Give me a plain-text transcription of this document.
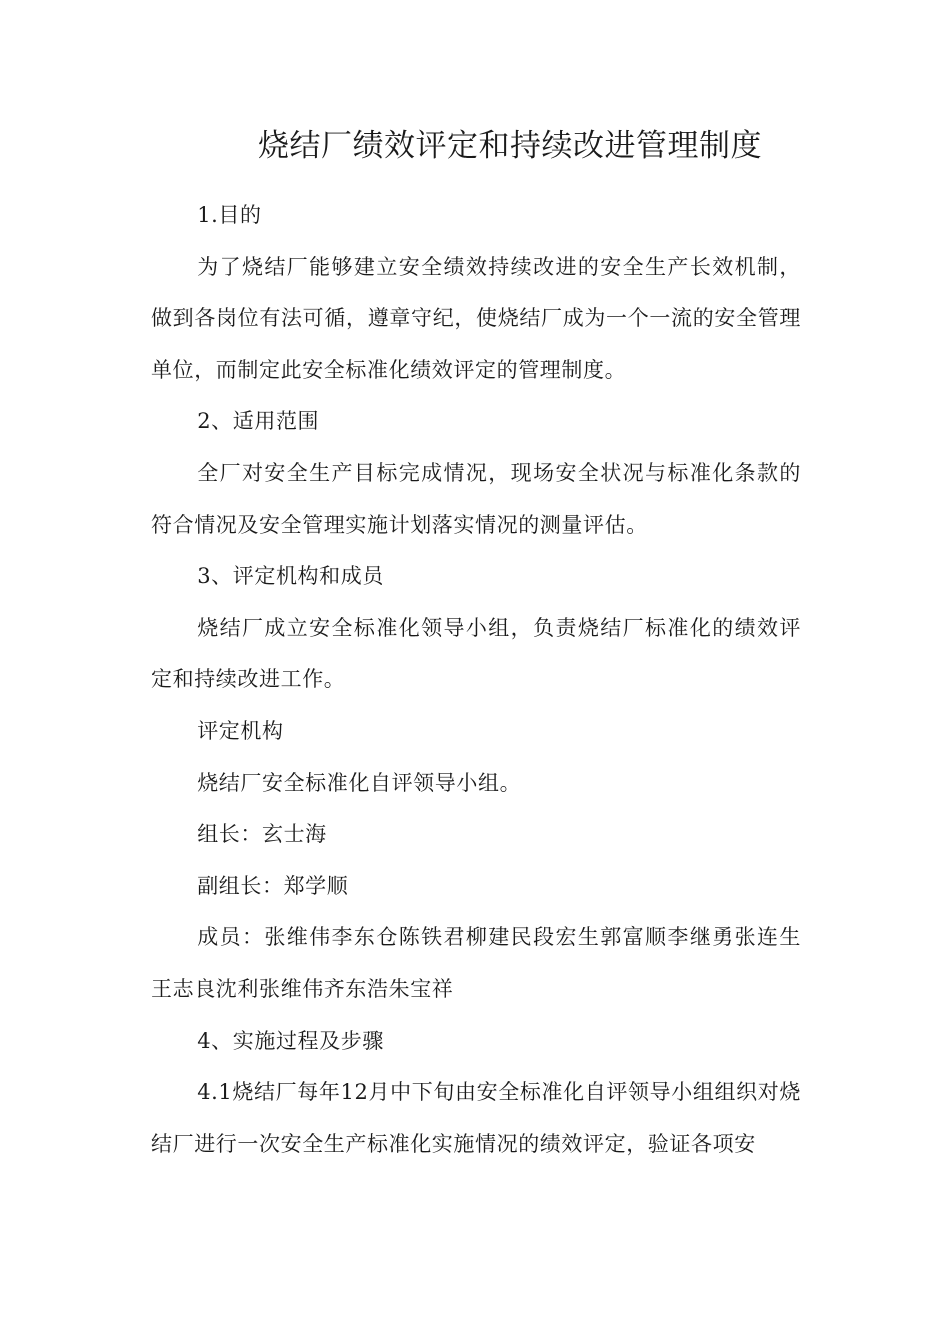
烧结厂绩效评定和持续改进管理制度

1.目的

为了烧结厂能够建立安全绩效持续改进的安全生产长效机制，做到各岗位有法可循，遵章守纪，使烧结厂成为一个一流的安全管理单位，而制定此安全标准化绩效评定的管理制度。

2、适用范围

全厂对安全生产目标完成情况，现场安全状况与标准化条款的符合情况及安全管理实施计划落实情况的测量评估。

3、评定机构和成员

烧结厂成立安全标准化领导小组，负责烧结厂标准化的绩效评定和持续改进工作。

评定机构

烧结厂安全标准化自评领导小组。

组长：玄士海

副组长：郑学顺

成员：张维伟李东仓陈铁君柳建民段宏生郭富顺李继勇张连生王志良沈利张维伟齐东浩朱宝祥

4、实施过程及步骤

4.1烧结厂每年12月中下旬由安全标准化自评领导小组组织对烧结厂进行一次安全生产标准化实施情况的绩效评定，验证各项安
